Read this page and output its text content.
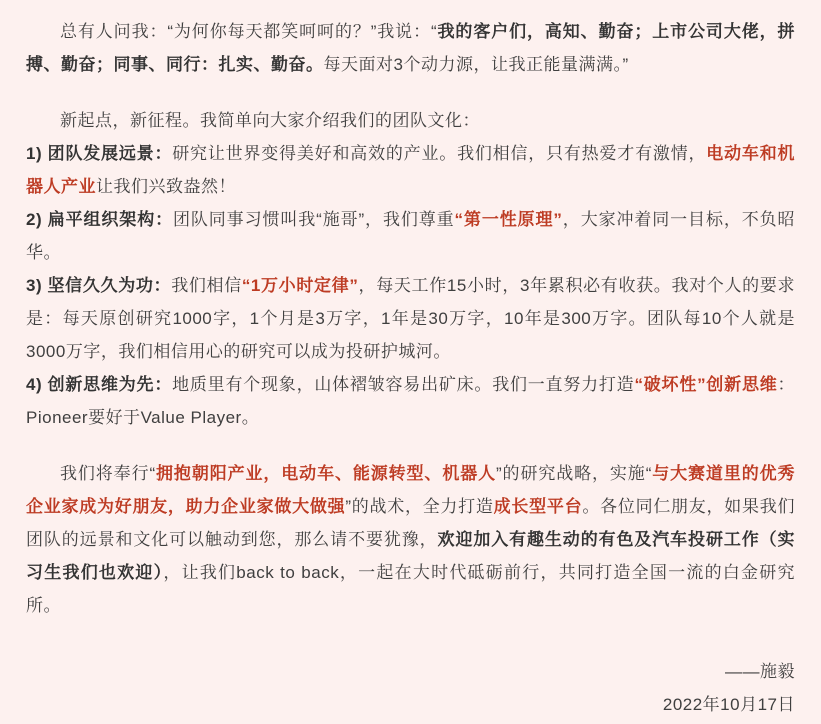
总有人问我：“为何你每天都笑呵呵的？”我说：“我的客户们，高知、勤奋；上市公司大佬，拼搏、勤奋；同事、同行：扎实、勤奋。每天面对3个动力源，让我正能量满满。”

新起点，新征程。我简单向大家介绍我们的团队文化：

1) 团队发展远景：研究让世界变得美好和高效的产业。我们相信，只有热爱才有激情，电动车和机器人产业让我们兴致盎然！

2) 扁平组织架构：团队同事习惯叫我“施哥”，我们尊重“第一性原理”，大家冲着同一目标，不负昭华。

3) 坚信久久为功：我们相信“1万小时定律”，每天工作15小时，3年累积必有收获。我对个人的要求是：每天原创研究1000字，1个月是3万字，1年是30万字，10年是300万字。团队每10个人就是3000万字，我们相信用心的研究可以成为投研护城河。

4) 创新思维为先：地质里有个现象，山体褶皱容易出矿床。我们一直努力打造“破坏性”创新思维：Pioneer要好于Value Player。

我们将奉行“拥抱朝阳产业，电动车、能源转型、机器人”的研究战略，实施“与大赛道里的优秀企业家成为好朋友，助力企业家做大做强”的战术，全力打造成长型平台。各位同仁朋友，如果我们团队的远景和文化可以触动到您，那么请不要犹豫，欢迎加入有趣生动的有色及汽车投研工作（实习生我们也欢迎），让我们back to back，一起在大时代砥砺前行，共同打造全国一流的白金研究所。

——施毅

2022年10月17日
